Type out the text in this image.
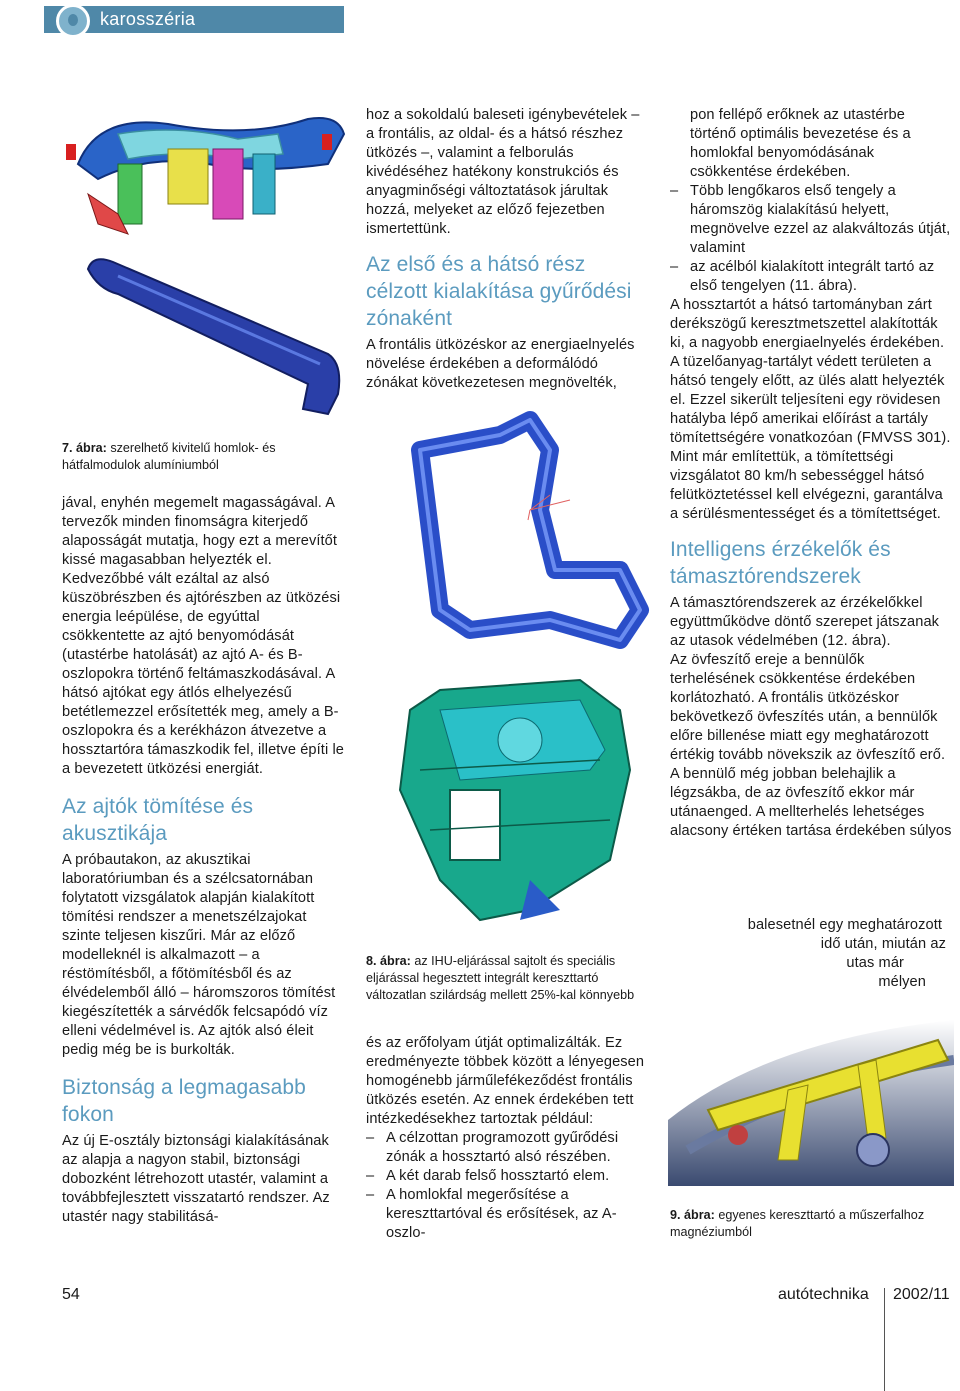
karosszéria
7. ábra: szerelhető kivitelű homlok- és hátfalmodulok alumíniumból

jával, enyhén megemelt magasságával. A tervezők minden finomságra kiterjedő alaposságát mutatja, hogy ezt a merevítőt kissé magasabban helyezték el. Kedvezőbbé vált ezáltal az alsó küszöbrészben és ajtórészben az ütközési energia leépülése, de egyúttal csökkentette az ajtó benyomódását (utastérbe hatolását) az ajtó A- és B-oszlopokra történő feltámaszkodásával. A hátsó ajtókat egy átlós elhelyezésű betétlemezzel erősítették meg, amely a B-oszlopokra és a kerékházon átvezetve a hossztartóra támaszkodik fel, illetve építi le a bevezetett ütközési energiát.

Az ajtók tömítése és akusztikája

A próbautakon, az akusztikai laboratóriumban és a szélcsatornában folytatott vizsgálatok alapján kialakított tömítési rendszer a menetszélzajokat szinte teljesen kiszűri. Már az előző modelleknél is alkalmazott – a réstömítésből, a főtömítésből és az élvédelemből álló – háromszoros tömítést kiegészítették a sárvédők felcsapódó víz elleni védelmével is. Az ajtók alsó éleit pedig még be is burkolták.

Biztonság a legmagasabb fokon

Az új E-osztály biztonsági kialakításának az alapja a nagyon stabil, biztonsági dobozként létrehozott utastér, valamint a továbbfejlesztett visszatartó rendszer. Az utastér nagy stabilitásá-

hoz a sokoldalú baleseti igénybevételek – a frontális, az oldal- és a hátsó részhez ütközés –, valamint a felborulás kivédéséhez hatékony konstrukciós és anyagminőségi változtatások járultak hozzá, melyeket az előző fejezetben ismertettünk.

Az első és a hátsó rész célzott kialakítása gyűrődési zónaként

A frontális ütközéskor az energiaelnyelés növelése érdekében a deformálódó zónákat következetesen megnövelték,

8. ábra: az IHU-eljárással sajtolt és speciális eljárással hegesztett integrált kereszttartó változatlan szilárdság mellett 25%-kal könnyebb

és az erőfolyam útját optimalizálták. Ez eredményezte többek között a lényegesen homogénebb járműlefékeződést frontális ütközés esetén. Az ennek érdekében tett intézkedésekhez tartoztak például:

– A célzottan programozott gyűrődési zónák a hossztartó alsó részében.
– A két darab felső hossztartó elem.
– A homlokfal megerősítése a kereszttartóval és erősítések, az A-oszlo-

pon fellépő erőknek az utastérbe történő optimális bevezetése és a homlokfal benyomódásának csökkentése érdekében.

– Több lengőkaros első tengely a háromszög kialakítású helyett, megnövelve ezzel az alakváltozás útját, valamint
– az acélból kialakított integrált tartó az első tengelyen (11. ábra).

A hossztartót a hátsó tartományban zárt derékszögű keresztmetszettel alakították ki, a nagyobb energiaelnyelés érdekében. A tüzelőanyag-tartályt védett területen a hátsó tengely előtt, az ülés alatt helyezték el. Ezzel sikerült teljesíteni egy rövidesen hatályba lépő amerikai előírást a tartály tömítettségére vonatkozóan (FMVSS 301). Mint már említettük, a tömítettségi vizsgálatot 80 km/h sebességgel hátsó felütköztetéssel kell elvégezni, garantálva a sérülésmentességet és a tömítettséget.

Intelligens érzékelők és támasztórendszerek

A támasztórendszerek az érzékelőkkel együttműködve döntő szerepet játszanak az utasok védelmében (12. ábra).

Az övfeszítő ereje a bennülők terhelésének csökkentése érdekében korlátozható. A frontális ütközéskor bekövetkező övfeszítés után, a bennülők előre billenése miatt egy meghatározott értékig tovább növekszik az övfeszítő erő. A bennülő még jobban belehajlik a légzsákba, de az övfeszítő ekkor már utánaenged. A mellterhelés lehetséges alacsony értéken tartása érdekében súlyos

balesetnél egy meghatározott
idő után, miután az
utas már
mélyen
9. ábra: egyenes kereszttartó a műszerfalhoz magnéziumból
54	autótechnika 2002/11
